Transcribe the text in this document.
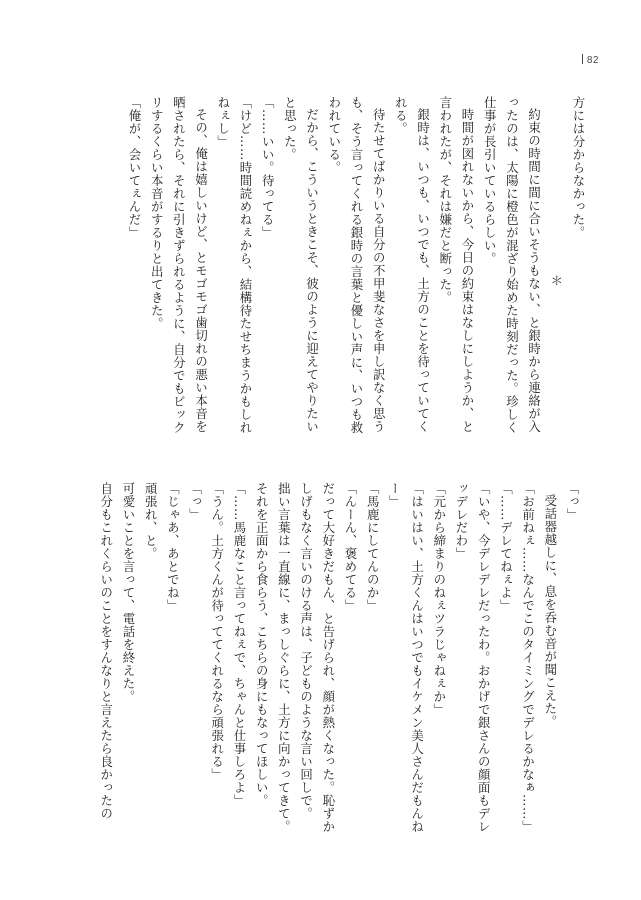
82

方には分からなかった。

＊

約束の時間に間に合いそうもない、と銀時から連絡が入ったのは、太陽に橙色が混ざり始めた時刻だった。珍しく仕事が長引いているらしい。

時間が図れないから、今日の約束はなしにしようか、と言われたが、それは嫌だと断った。

銀時は、いつも、いつでも、土方のことを待っていてくれる。

待たせてばかりいる自分の不甲斐なさを申し訳なく思うも、そう言ってくれる銀時の言葉と優しい声に、いつも救われている。

だから、こういうときこそ、彼のように迎えてやりたいと思った。

「……いい。待ってる」

「けど……時間読めねぇから、結構待たせちまうかもしれねぇし」

その、俺は嬉しいけど、とモゴモゴ歯切れの悪い本音を晒されたら、それに引きずられるように、自分でもビックリするくらい本音がするりと出てきた。

「俺が、会いてぇんだ」

「っ」

受話器越しに、息を呑む音が聞こえた。

「お前ねぇ……なんでこのタイミングでデレるかなぁ……」

「……デレてねぇよ」

「いや、今デレデレだったわ。おかげで銀さんの顔面もデレッデレだわ」

「元から締まりのねぇツラじゃねぇか」

「はいはい、土方くんはいつでもイケメン美人さんだもんねー」

「馬鹿にしてんのか」

「んーん、褒めてる」

だって大好きだもん、と告げられ、顔が熱くなった。恥ずかしげもなく言いのける声は、子どものような言い回しで。

拙い言葉は一直線に、まっしぐらに、土方に向かってきて。それを正面から食らう、こちらの身にもなってほしい。

「……馬鹿なこと言ってねぇで、ちゃんと仕事しろよ」

「うん。土方くんが待っててくれるなら頑張れる」

「っ」

「じゃあ、あとでね」

頑張れ、と。

可愛いことを言って、電話を終えた。

自分もこれくらいのことをすんなりと言えたら良かったの
